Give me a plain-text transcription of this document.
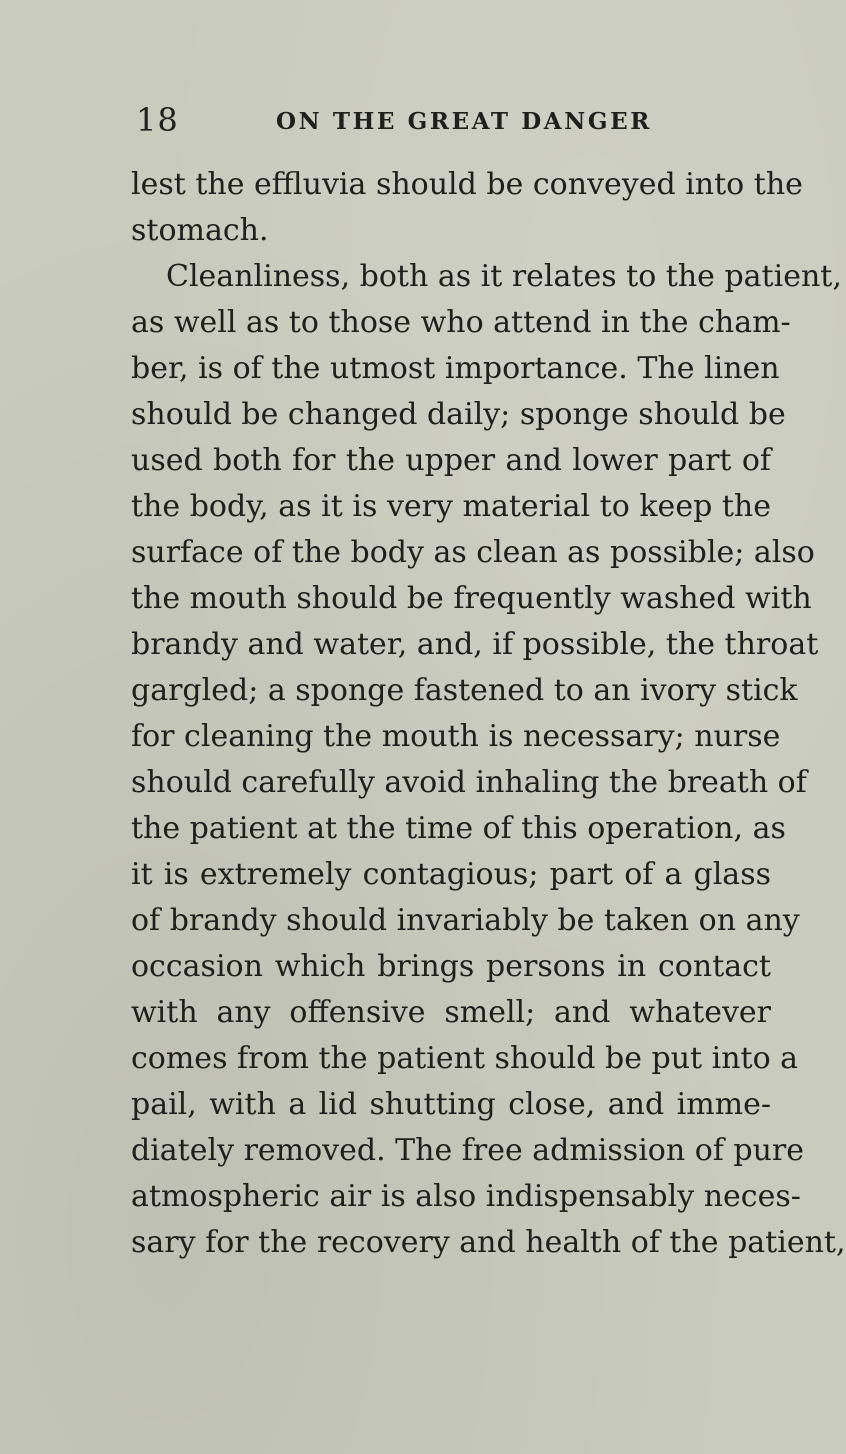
18	ON THE GREAT DANGER
lest the effluvia should be conveyed into the
stomach.
Cleanliness, both as it relates to the patient,
as well as to those who attend in the cham-
ber, is of the utmost importance. The linen
should be changed daily; sponge should be
used both for the upper and lower part of
the body, as it is very material to keep the
surface of the body as clean as possible; also
the mouth should be frequently washed with
brandy and water, and, if possible, the throat
gargled; a sponge fastened to an ivory stick
for cleaning the mouth is necessary; nurse
should carefully avoid inhaling the breath of
the patient at the time of this operation, as
it is extremely contagious; part of a glass
of brandy should invariably be taken on any
occasion which brings persons in contact
with any offensive smell; and whatever
comes from the patient should be put into a
pail, with a lid shutting close, and imme-
diately removed. The free admission of pure
atmospheric air is also indispensably neces-
sary for the recovery and health of the patient,
